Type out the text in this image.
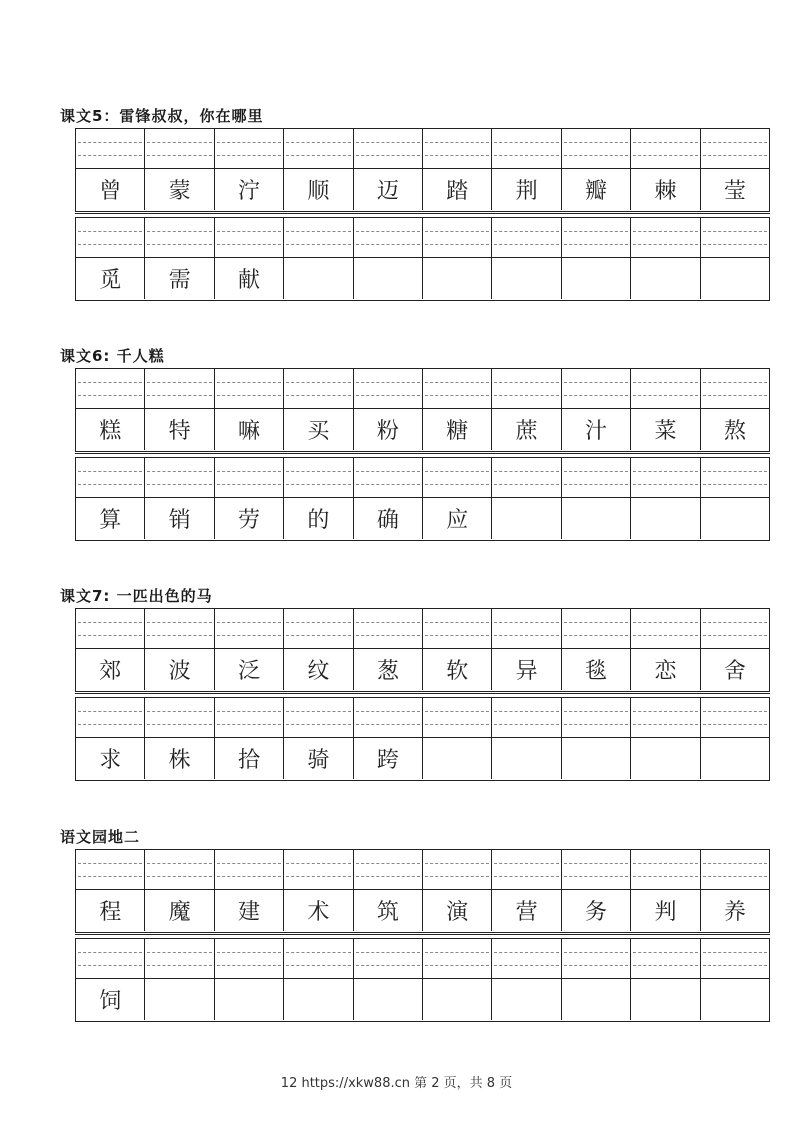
课文5：雷锋叔叔，你在哪里
曾	蒙	泞	顺	迈	踏	荆	瓣	棘	莹
觅	需	献
课文6: 千人糕
糕	特	嘛	买	粉	糖	蔗	汁	菜	熬
算	销	劳	的	确	应
课文7: 一匹出色的马
郊	波	泛	纹	葱	软	异	毯	恋	舍
求	株	拾	骑	跨
语文园地二
程	魔	建	术	筑	演	营	务	判	养
饲
12 https://xkw88.cn 第 2 页，共 8 页
